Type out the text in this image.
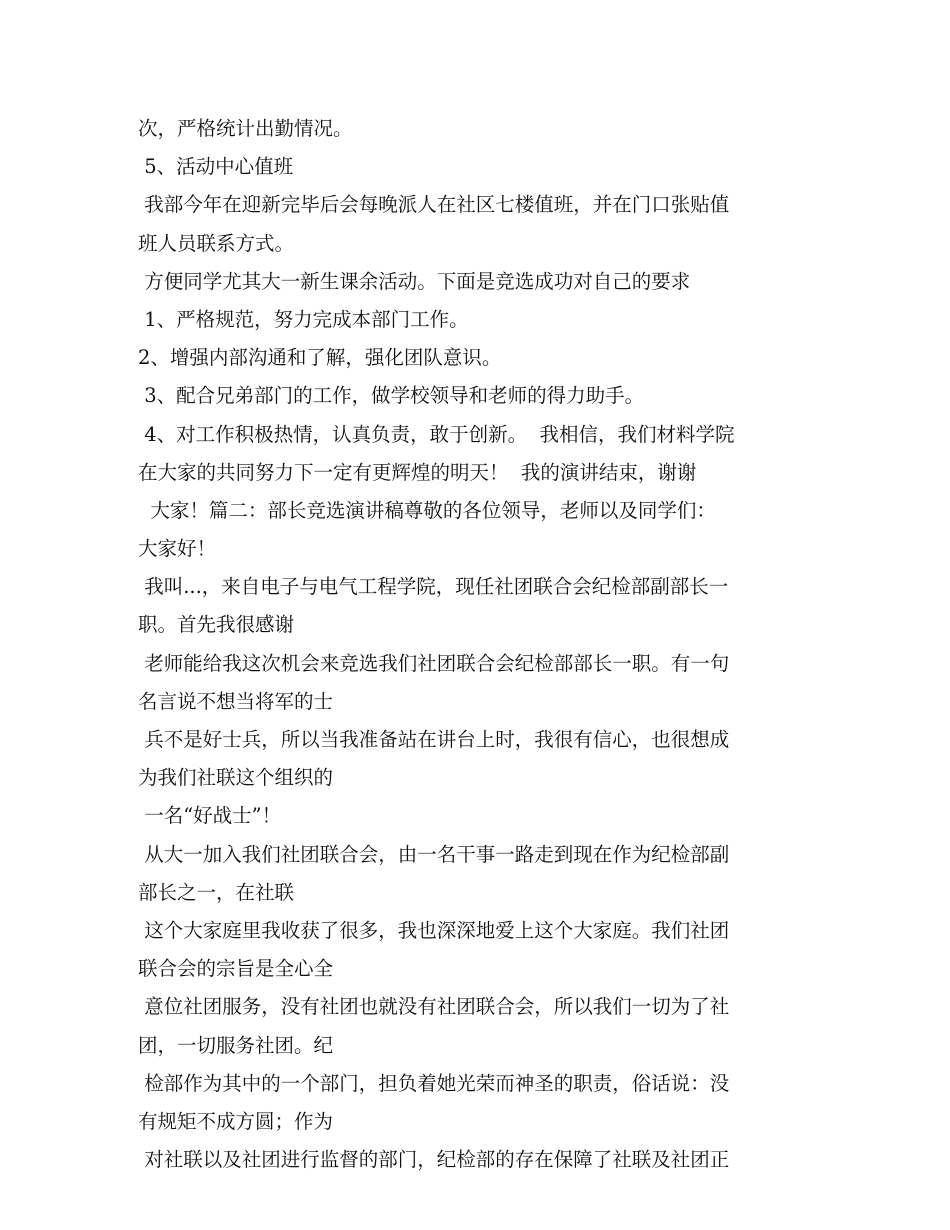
次，严格统计出勤情况。
5、活动中心值班
我部今年在迎新完毕后会每晚派人在社区七楼值班，并在门口张贴值
班人员联系方式。
方便同学尤其大一新生课余活动。下面是竞选成功对自己的要求
1、严格规范，努力完成本部门工作。
2、增强内部沟通和了解，强化团队意识。
3、配合兄弟部门的工作，做学校领导和老师的得力助手。
4、对工作积极热情，认真负责，敢于创新。  我相信，我们材料学院
在大家的共同努力下一定有更辉煌的明天！  我的演讲结束，谢谢
大家！篇二：部长竞选演讲稿尊敬的各位领导，老师以及同学们：
大家好！
我叫...，来自电子与电气工程学院，现任社团联合会纪检部副部长一
职。首先我很感谢
老师能给我这次机会来竞选我们社团联合会纪检部部长一职。有一句
名言说不想当将军的士
兵不是好士兵，所以当我准备站在讲台上时，我很有信心，也很想成
为我们社联这个组织的
一名“好战士”！
从大一加入我们社团联合会，由一名干事一路走到现在作为纪检部副
部长之一，在社联
这个大家庭里我收获了很多，我也深深地爱上这个大家庭。我们社团
联合会的宗旨是全心全
意位社团服务，没有社团也就没有社团联合会，所以我们一切为了社
团，一切服务社团。纪
检部作为其中的一个部门，担负着她光荣而神圣的职责，俗话说：没
有规矩不成方圆；作为
对社联以及社团进行监督的部门，纪检部的存在保障了社联及社团正
